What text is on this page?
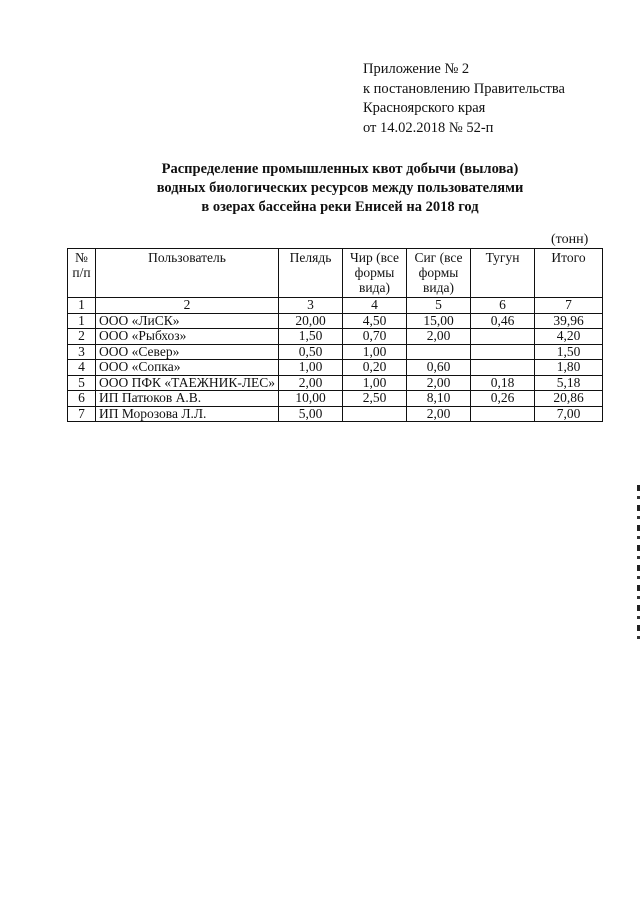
Приложение № 2
к постановлению Правительства
Красноярского края
от 14.02.2018 № 52-п
Распределение промышленных квот добычи (вылова)
водных биологических ресурсов между пользователями
в озерах бассейна реки Енисей на 2018 год
(тонн)
№ п/п	Пользователь	Пелядь	Чир (все формы вида)	Сиг (все формы вида)	Тугун	Итого
1	2	3	4	5	6	7
1	ООО «ЛиСК»	20,00	4,50	15,00	0,46	39,96
2	ООО «Рыбхоз»	1,50	0,70	2,00		4,20
3	ООО «Север»	0,50	1,00			1,50
4	ООО «Сопка»	1,00	0,20	0,60		1,80
5	ООО ПФК «ТАЕЖНИК-ЛЕС»	2,00	1,00	2,00	0,18	5,18
6	ИП Патюков А.В.	10,00	2,50	8,10	0,26	20,86
7	ИП Морозова Л.Л.	5,00		2,00		7,00
